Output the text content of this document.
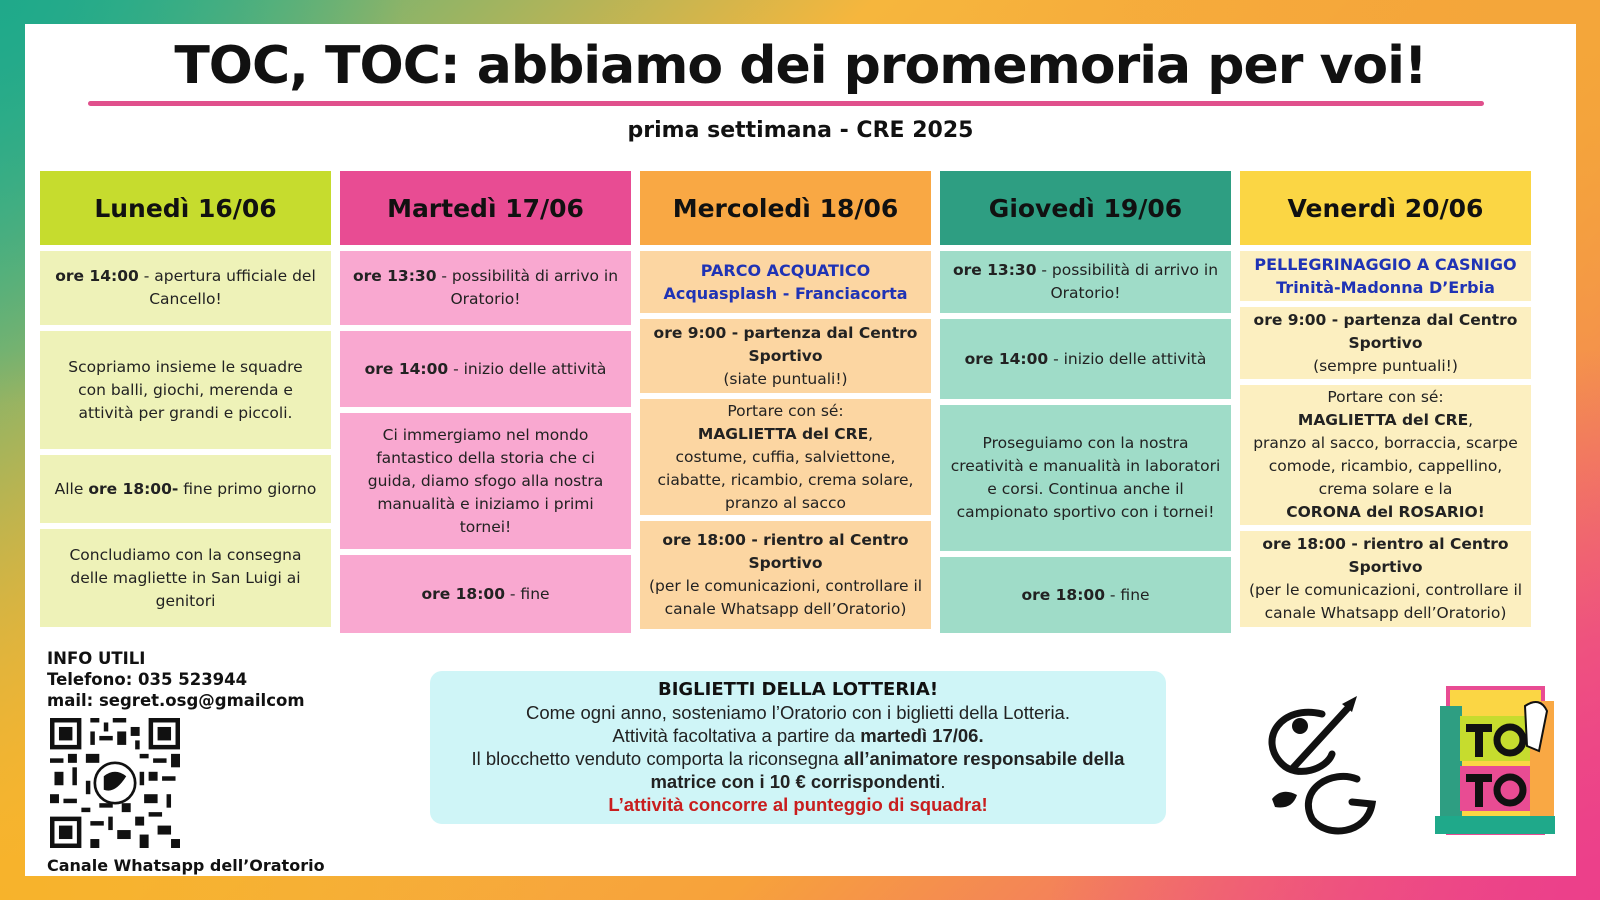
TOC, TOC: abbiamo dei promemoria per voi!
prima settimana - CRE 2025
Lunedì 16/06
ore 14:00 - apertura ufficiale del Cancello!
Scopriamo insieme le squadre con balli, giochi, merenda e attività per grandi e piccoli.
Alle ore 18:00- fine primo giorno
Concludiamo con la consegna delle magliette in San Luigi ai genitori
Martedì 17/06
ore 13:30 - possibilità di arrivo in Oratorio!
ore 14:00 - inizio delle attività
Ci immergiamo nel mondo fantastico della storia che ci guida, diamo sfogo alla nostra manualità e iniziamo i primi tornei!
ore 18:00 - fine
Mercoledì 18/06
PARCO ACQUATICO
Acquasplash - Franciacorta
ore 9:00 - partenza dal Centro Sportivo
(siate puntuali!)
Portare con sé:
MAGLIETTA del CRE,
costume, cuffia, salviettone, ciabatte, ricambio, crema solare, pranzo al sacco
ore 18:00 - rientro al Centro Sportivo
(per le comunicazioni, controllare il canale Whatsapp dell’Oratorio)
Giovedì 19/06
ore 13:30 - possibilità di arrivo in Oratorio!
ore 14:00 - inizio delle attività
Proseguiamo con la nostra creatività e manualità in laboratori e corsi. Continua anche il campionato sportivo con i tornei!
ore 18:00 - fine
Venerdì 20/06
PELLEGRINAGGIO A CASNIGO
Trinità-Madonna D’Erbia
ore 9:00 - partenza dal Centro Sportivo
(sempre puntuali!)
Portare con sé:
MAGLIETTA del CRE,
pranzo al sacco, borraccia, scarpe comode, ricambio, cappellino, crema solare e la
CORONA del ROSARIO!
ore 18:00 - rientro al Centro Sportivo
(per le comunicazioni, controllare il canale Whatsapp dell’Oratorio)
INFO UTILI
Telefono: 035 523944
mail: segret.osg@gmailcom
Canale Whatsapp dell’Oratorio
BIGLIETTI DELLA LOTTERIA!
Come ogni anno, sosteniamo l’Oratorio con i biglietti della Lotteria.
Attività facoltativa a partire da martedì 17/06.
Il blocchetto venduto comporta la riconsegna all’animatore responsabile della matrice con i 10 € corrispondenti.
L’attività concorre al punteggio di squadra!
